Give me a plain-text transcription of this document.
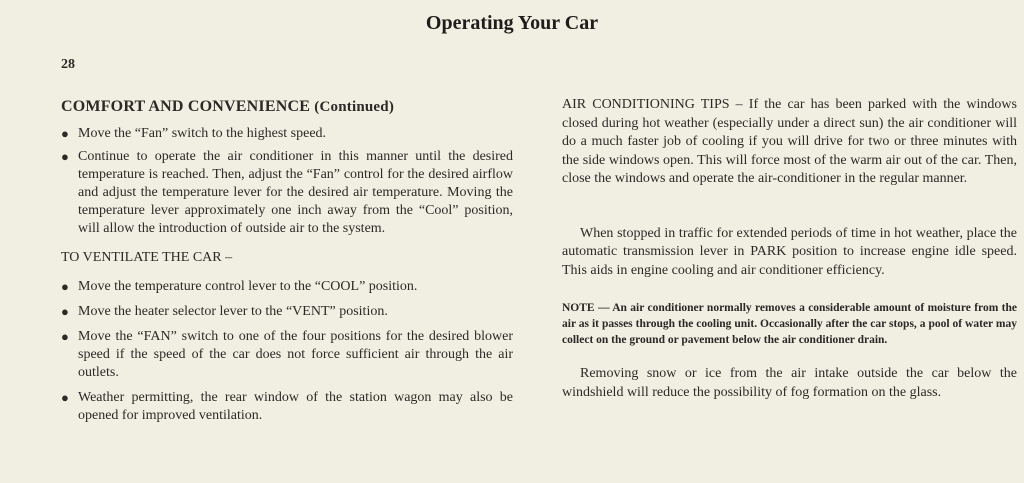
Operating Your Car
28
COMFORT AND CONVENIENCE (Continued)
● Move the “Fan” switch to the highest speed.
● Continue to operate the air conditioner in this manner until the desired temperature is reached. Then, adjust the “Fan” control for the desired airflow and adjust the temperature lever for the desired air temperature. Moving the temperature lever approximately one inch away from the “Cool” position, will allow the introduction of outside air to the system.
TO VENTILATE THE CAR –
● Move the temperature control lever to the “COOL” position.
● Move the heater selector lever to the “VENT” position.
● Move the “FAN” switch to one of the four positions for the desired blower speed if the speed of the car does not force sufficient air through the air outlets.
● Weather permitting, the rear window of the station wagon may also be opened for improved ventilation.

AIR CONDITIONING TIPS – If the car has been parked with the windows closed during hot weather (especially under a direct sun) the air conditioner will do a much faster job of cooling if you will drive for two or three minutes with the side windows open. This will force most of the warm air out of the car. Then, close the windows and operate the air-conditioner in the regular manner.

When stopped in traffic for extended periods of time in hot weather, place the automatic transmission lever in PARK position to increase engine idle speed. This aids in engine cooling and air conditioner efficiency.

NOTE — An air conditioner normally removes a considerable amount of moisture from the air as it passes through the cooling unit. Occasionally after the car stops, a pool of water may collect on the ground or pavement below the air conditioner drain.

Removing snow or ice from the air intake outside the car below the windshield will reduce the possibility of fog formation on the glass.
